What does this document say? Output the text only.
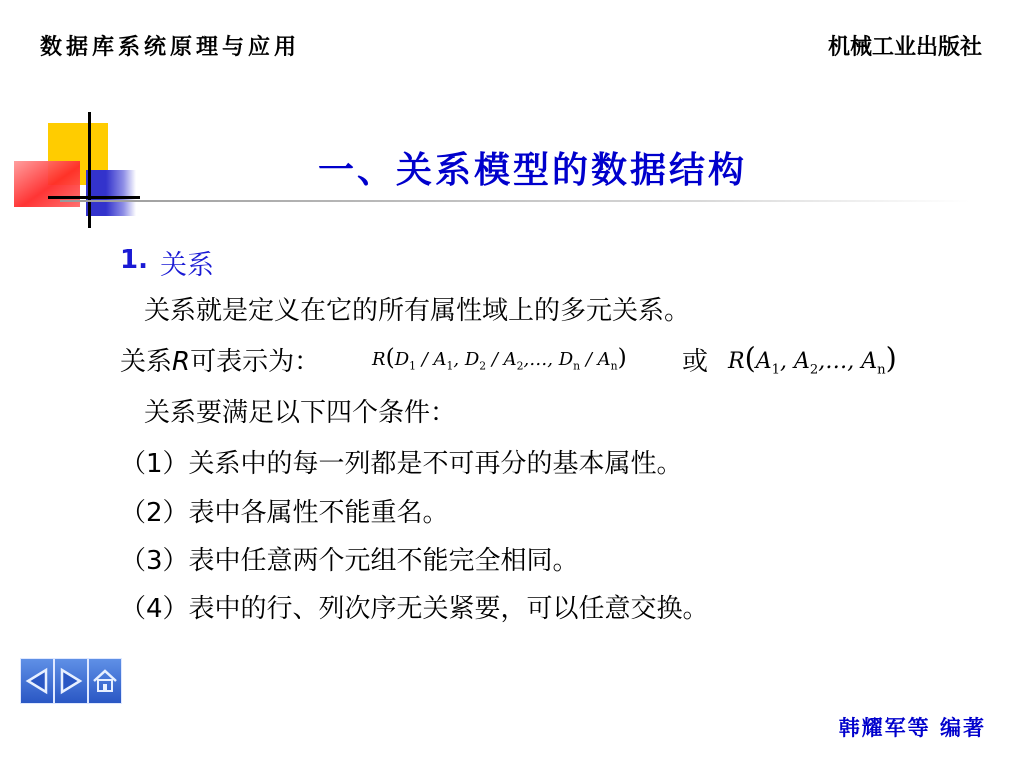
数据库系统原理与应用	机械工业出版社
一、关系模型的数据结构
1. 关系
关系就是定义在它的所有属性域上的多元关系。
关系R可表示为：	$R(D_1 / A_1$, $D_2$ / $A_2,\dots$, $D_n / A_n$) 或 $R(A_1$, $A_2,\dots$, $A_n$)
关系要满足以下四个条件：
（1）关系中的每一列都是不可再分的基本属性。
（2）表中各属性不能重名。
（3）表中任意两个元组不能完全相同。
（4）表中的行、列次序无关紧要，可以任意交换。
韩耀军等 编著
